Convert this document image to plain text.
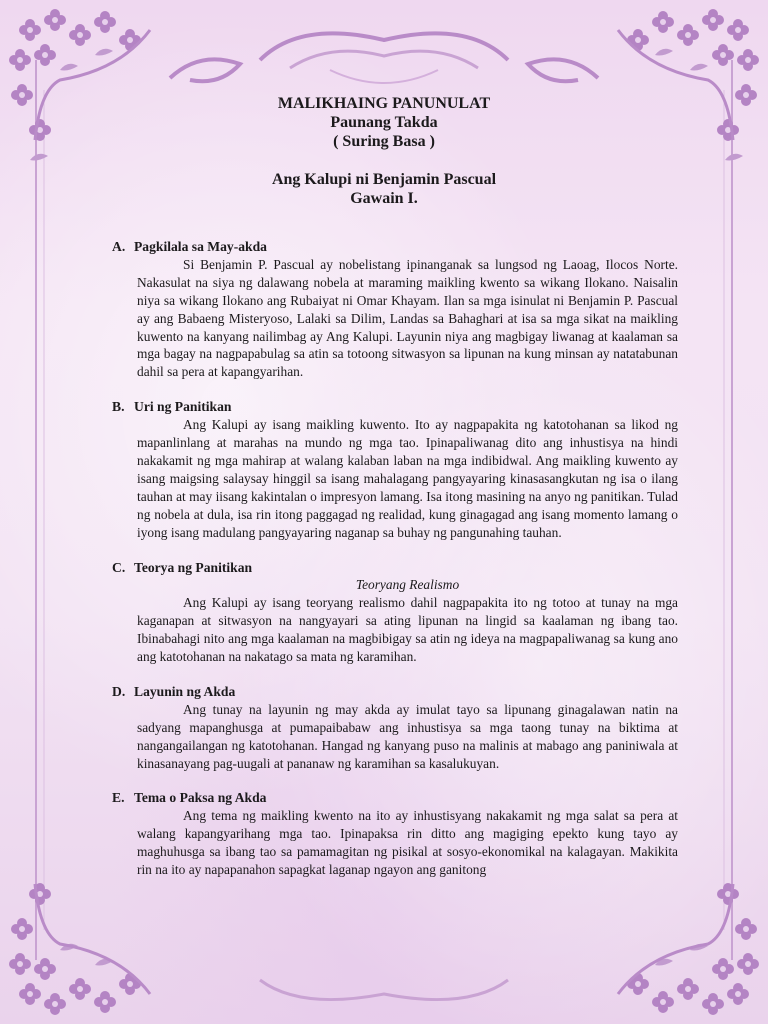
MALIKHAING PANUNULAT
Paunang Takda
( Suring Basa )
Ang Kalupi ni Benjamin Pascual
Gawain I.

A. Pagkilala sa May-akda

Si Benjamin P. Pascual ay nobelistang ipinanganak sa lungsod ng Laoag, Ilocos Norte. Nakasulat na siya ng dalawang nobela at maraming maikling kwento sa wikang Ilokano. Naisalin niya sa wikang Ilokano ang Rubaiyat ni Omar Khayam. Ilan sa mga isinulat ni Benjamin P. Pascual ay ang Babaeng Misteryoso, Lalaki sa Dilim, Landas sa Bahaghari at isa sa mga sikat na maikling kuwento na kanyang nailimbag ay Ang Kalupi. Layunin niya ang magbigay liwanag at kaalaman sa mga bagay na nagpapabulag sa atin sa totoong sitwasyon sa lipunan na kung minsan ay natatabunan dahil sa pera at kapangyarihan.

B. Uri ng Panitikan

Ang Kalupi ay isang maikling kuwento. Ito ay nagpapakita ng katotohanan sa likod ng mapanlinlang at marahas na mundo ng mga tao. Ipinapaliwanag dito ang inhustisya na hindi nakakamit ng mga mahirap at walang kalaban laban na mga indibidwal. Ang maikling kuwento ay isang maigsing salaysay hinggil sa isang mahalagang pangyayaring kinasasangkutan ng isa o ilang tauhan at may iisang kakintalan o impresyon lamang. Isa itong masining na anyo ng panitikan. Tulad ng nobela at dula, isa rin itong paggagad ng realidad, kung ginagagad ang isang momento lamang o iyong isang madulang pangyayaring naganap sa buhay ng pangunahing tauhan.

C. Teorya ng Panitikan

Teoryang Realismo

Ang Kalupi ay isang teoryang realismo dahil nagpapakita ito ng totoo at tunay na mga kaganapan at sitwasyon na nangyayari sa ating lipunan na lingid sa kaalaman ng ibang tao. Ibinabahagi nito ang mga kaalaman na magbibigay sa atin ng ideya na magpapaliwanag sa kung ano ang katotohanan na nakatago sa mata ng karamihan.

D. Layunin ng Akda

Ang tunay na layunin ng may akda ay imulat tayo sa lipunang ginagalawan natin na sadyang mapanghusga at pumapaibabaw ang inhustisya sa mga taong tunay na biktima at nangangailangan ng katotohanan. Hangad ng kanyang puso na malinis at mabago ang paniniwala at kinasanayang pag-uugali at pananaw ng karamihan sa kasalukuyan.

E. Tema o Paksa ng Akda

Ang tema ng maikling kwento na ito ay inhustisyang nakakamit ng mga salat sa pera at walang kapangyarihang mga tao. Ipinapaksa rin ditto ang magiging epekto kung tayo ay maghuhusga sa ibang tao sa pamamagitan ng pisikal at sosyo-ekonomikal na kalagayan. Makikita rin na ito ay napapanahon sapagkat laganap ngayon ang ganitong
